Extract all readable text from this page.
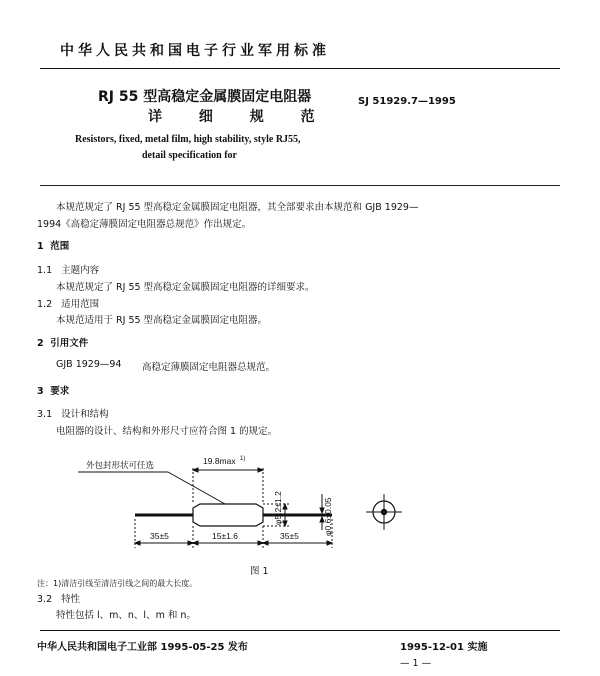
中华人民共和国电子行业军用标准
RJ 55 型高稳定金属膜固定电阻器
详 细 规 范
SJ 51929.7—1995
Resistors, fixed, metal film, high stability, style RJ55,
detail specification for
本规范规定了 RJ 55 型高稳定金属膜固定电阻器，其全部要求由本规范和 GJB 1929—
1994《高稳定薄膜固定电阻器总规范》作出规定。
1 范围
1.1 主题内容
本规范规定了 RJ 55 型高稳定金属膜固定电阻器的详细要求。
1.2 适用范围
本规范适用于 RJ 55 型高稳定金属膜固定电阻器。
2 引用文件
GJB 1929—94 高稳定薄膜固定电阻器总规范。
3 要求
3.1 设计和结构
电阻器的设计、结构和外形尺寸应符合图 1 的规定。
外包封形状可任选	19.8max 1)
φ5.2±1.2	φ0.6±0.05
35±5	15±1.6	35±5
图 1
注：1)清洁引线至清洁引线之间的最大长度。
3.2 特性
特性包括 l、m、n、l、m 和 n。
中华人民共和国电子工业部 1995-05-25 发布	1995-12-01 实施
— 1 —
